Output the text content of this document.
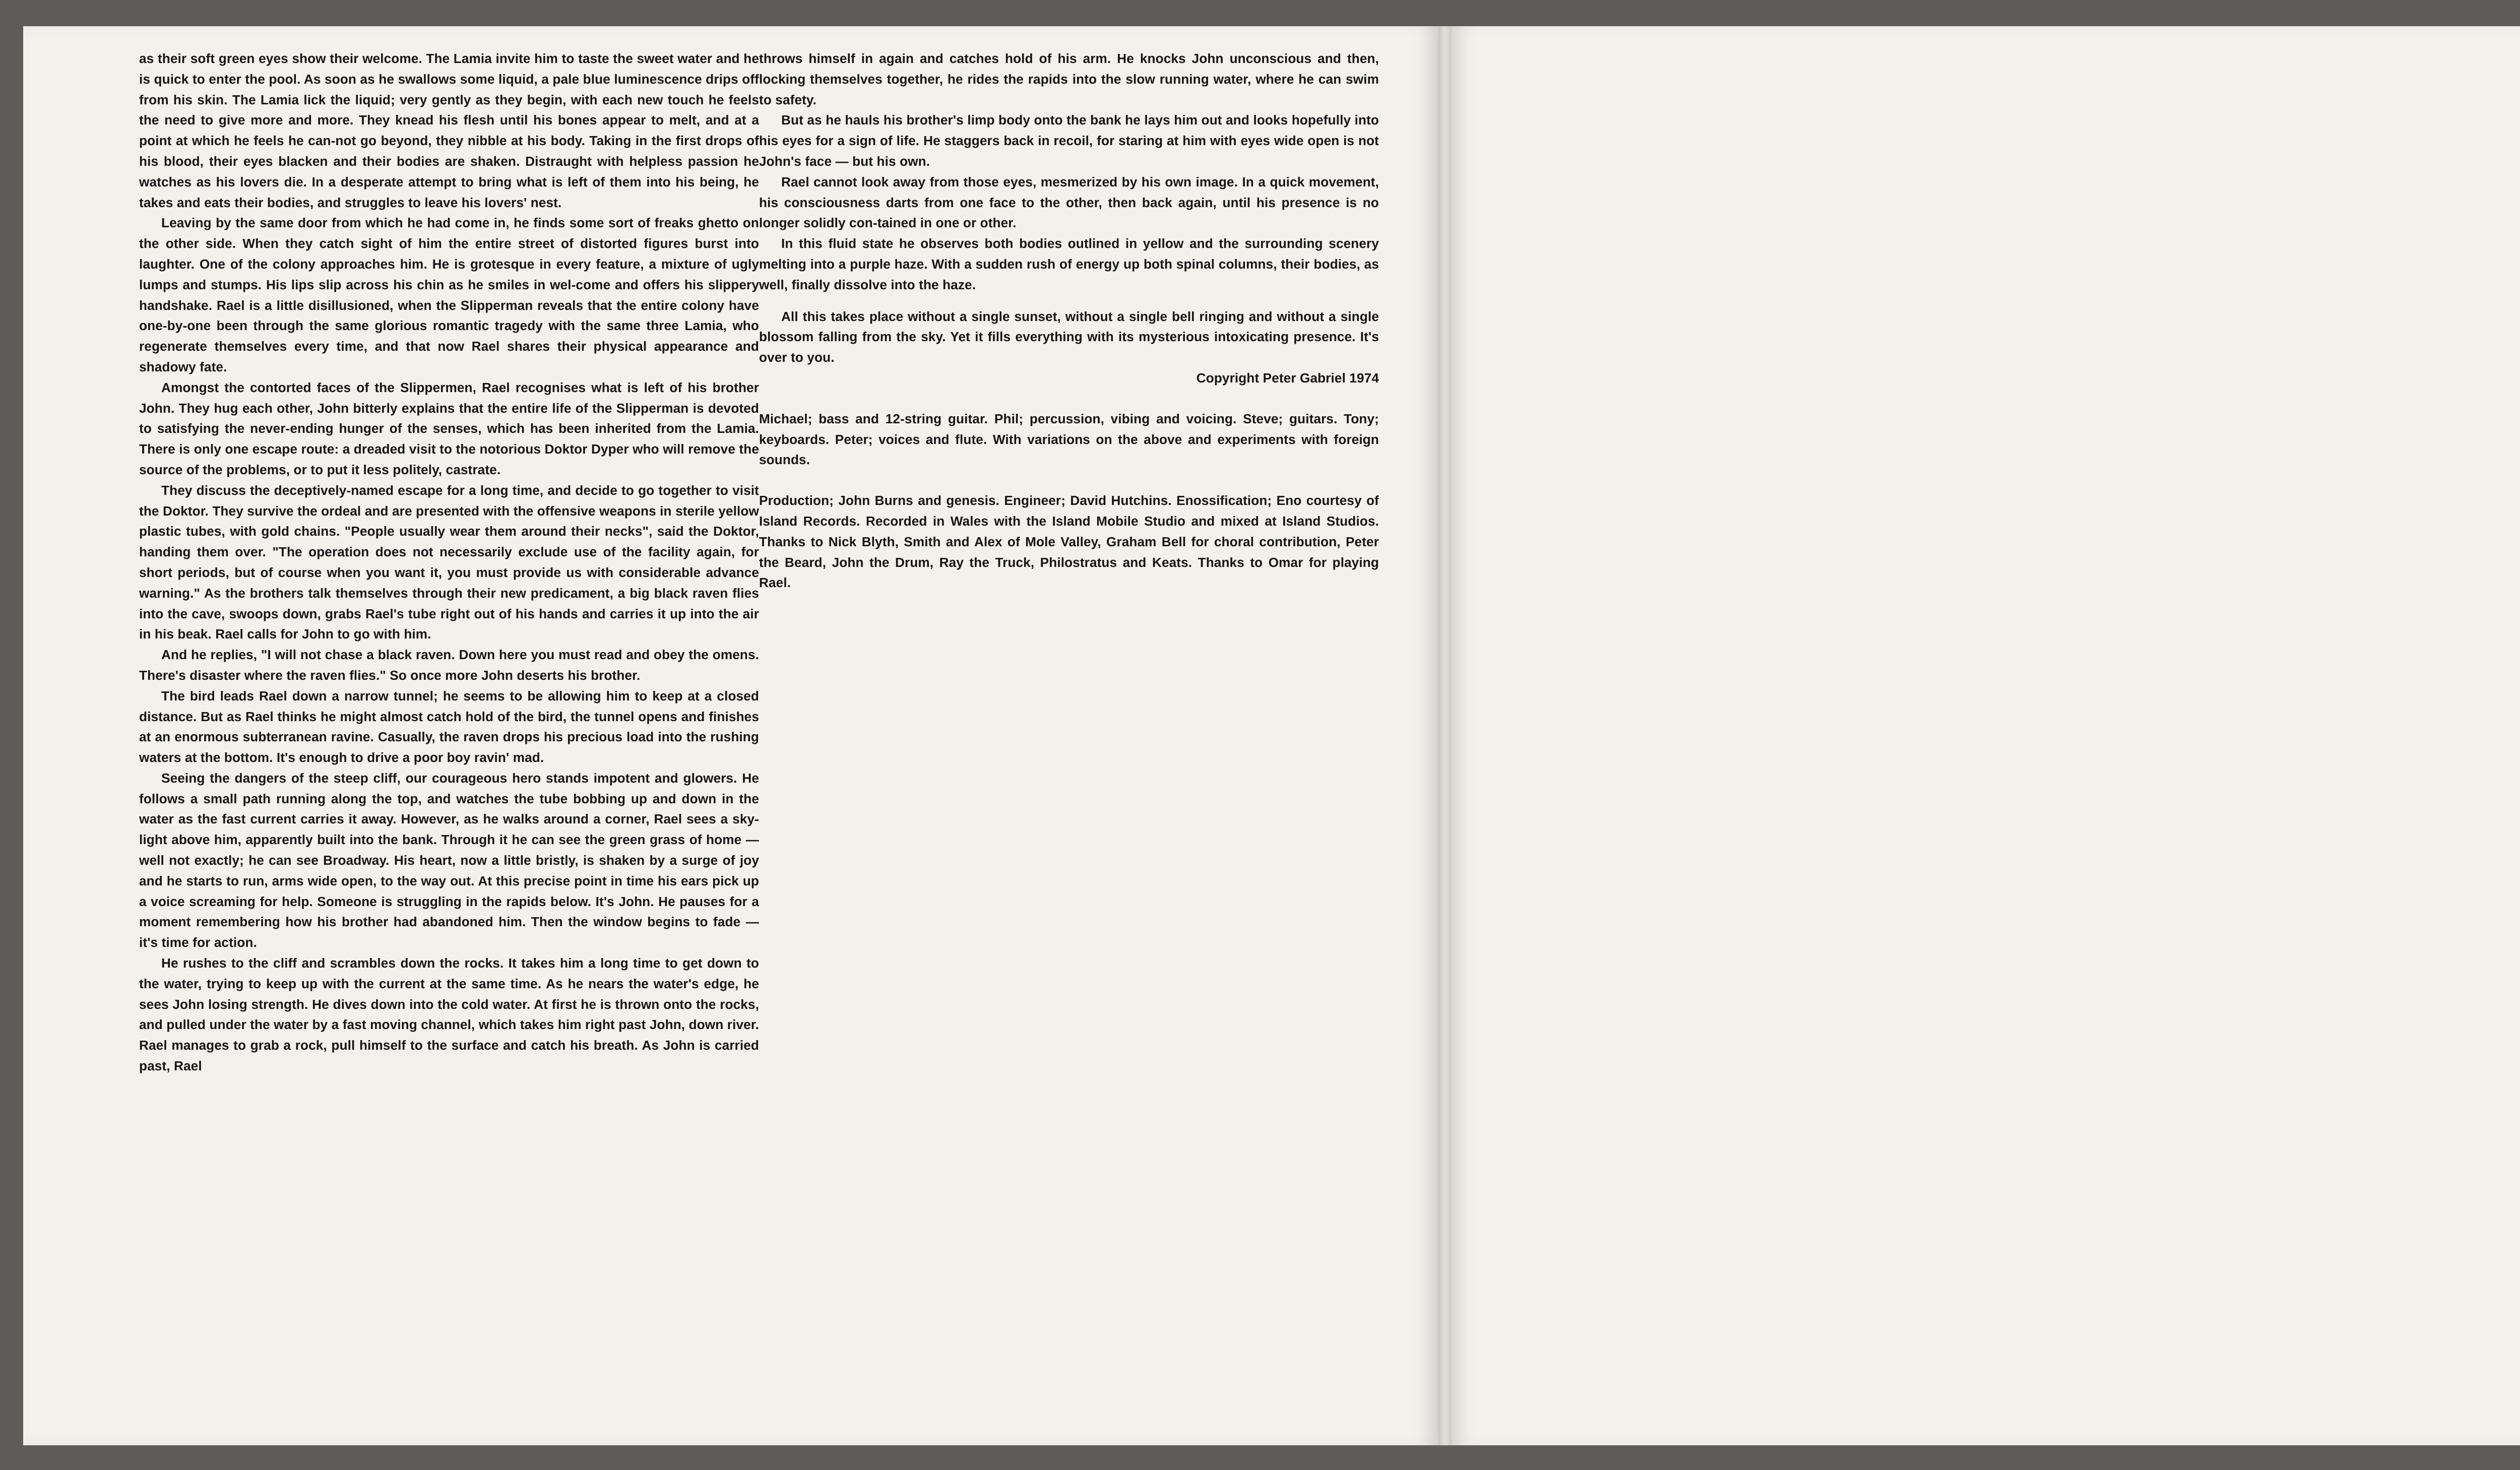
as their soft green eyes show their welcome. The Lamia invite him to taste the sweet water and he is quick to enter the pool. As soon as he swallows some liquid, a pale blue luminescence drips off from his skin. The Lamia lick the liquid; very gently as they begin, with each new touch he feels the need to give more and more. They knead his flesh until his bones appear to melt, and at a point at which he feels he can-not go beyond, they nibble at his body. Taking in the first drops of his blood, their eyes blacken and their bodies are shaken. Distraught with helpless passion he watches as his lovers die. In a desperate attempt to bring what is left of them into his being, he takes and eats their bodies, and struggles to leave his lovers' nest.

Leaving by the same door from which he had come in, he finds some sort of freaks ghetto on the other side. When they catch sight of him the entire street of distorted figures burst into laughter. One of the colony approaches him. He is grotesque in every feature, a mixture of ugly lumps and stumps. His lips slip across his chin as he smiles in wel-come and offers his slippery handshake. Rael is a little disillusioned, when the Slipperman reveals that the entire colony have one-by-one been through the same glorious romantic tragedy with the same three Lamia, who regenerate themselves every time, and that now Rael shares their physical appearance and shadowy fate.

Amongst the contorted faces of the Slippermen, Rael recognises what is left of his brother John. They hug each other, John bitterly explains that the entire life of the Slipperman is devoted to satisfying the never-ending hunger of the senses, which has been inherited from the Lamia. There is only one escape route: a dreaded visit to the notorious Doktor Dyper who will remove the source of the problems, or to put it less politely, castrate.

They discuss the deceptively-named escape for a long time, and decide to go together to visit the Doktor. They survive the ordeal and are presented with the offensive weapons in sterile yellow plastic tubes, with gold chains. "People usually wear them around their necks", said the Doktor, handing them over. "The operation does not necessarily exclude use of the facility again, for short periods, but of course when you want it, you must provide us with considerable advance warning." As the brothers talk themselves through their new predicament, a big black raven flies into the cave, swoops down, grabs Rael's tube right out of his hands and carries it up into the air in his beak. Rael calls for John to go with him.

And he replies, "I will not chase a black raven. Down here you must read and obey the omens. There's disaster where the raven flies." So once more John deserts his brother.

The bird leads Rael down a narrow tunnel; he seems to be allowing him to keep at a closed distance. But as Rael thinks he might almost catch hold of the bird, the tunnel opens and finishes at an enormous subterranean ravine. Casually, the raven drops his precious load into the rushing waters at the bottom. It's enough to drive a poor boy ravin' mad.

Seeing the dangers of the steep cliff, our courageous hero stands impotent and glowers. He follows a small path running along the top, and watches the tube bobbing up and down in the water as the fast current carries it away. However, as he walks around a corner, Rael sees a sky-light above him, apparently built into the bank. Through it he can see the green grass of home — well not exactly; he can see Broadway. His heart, now a little bristly, is shaken by a surge of joy and he starts to run, arms wide open, to the way out. At this precise point in time his ears pick up a voice screaming for help. Someone is struggling in the rapids below. It's John. He pauses for a moment remembering how his brother had abandoned him. Then the window begins to fade — it's time for action.

He rushes to the cliff and scrambles down the rocks. It takes him a long time to get down to the water, trying to keep up with the current at the same time. As he nears the water's edge, he sees John losing strength. He dives down into the cold water. At first he is thrown onto the rocks, and pulled under the water by a fast moving channel, which takes him right past John, down river. Rael manages to grab a rock, pull himself to the surface and catch his breath. As John is carried past, Rael

throws himself in again and catches hold of his arm. He knocks John unconscious and then, locking themselves together, he rides the rapids into the slow running water, where he can swim to safety.

But as he hauls his brother's limp body onto the bank he lays him out and looks hopefully into his eyes for a sign of life. He staggers back in recoil, for staring at him with eyes wide open is not John's face — but his own.

Rael cannot look away from those eyes, mesmerized by his own image. In a quick movement, his consciousness darts from one face to the other, then back again, until his presence is no longer solidly con-tained in one or other.

In this fluid state he observes both bodies outlined in yellow and the surrounding scenery melting into a purple haze. With a sudden rush of energy up both spinal columns, their bodies, as well, finally dissolve into the haze.

All this takes place without a single sunset, without a single bell ringing and without a single blossom falling from the sky. Yet it fills everything with its mysterious intoxicating presence. It's over to you.

Copyright Peter Gabriel 1974

Michael; bass and 12-string guitar. Phil; percussion, vibing and voicing. Steve; guitars. Tony; keyboards. Peter; voices and flute. With variations on the above and experiments with foreign sounds.

Production; John Burns and genesis. Engineer; David Hutchins. Enossification; Eno courtesy of Island Records. Recorded in Wales with the Island Mobile Studio and mixed at Island Studios. Thanks to Nick Blyth, Smith and Alex of Mole Valley, Graham Bell for choral contribution, Peter the Beard, John the Drum, Ray the Truck, Philostratus and Keats. Thanks to Omar for playing Rael.
